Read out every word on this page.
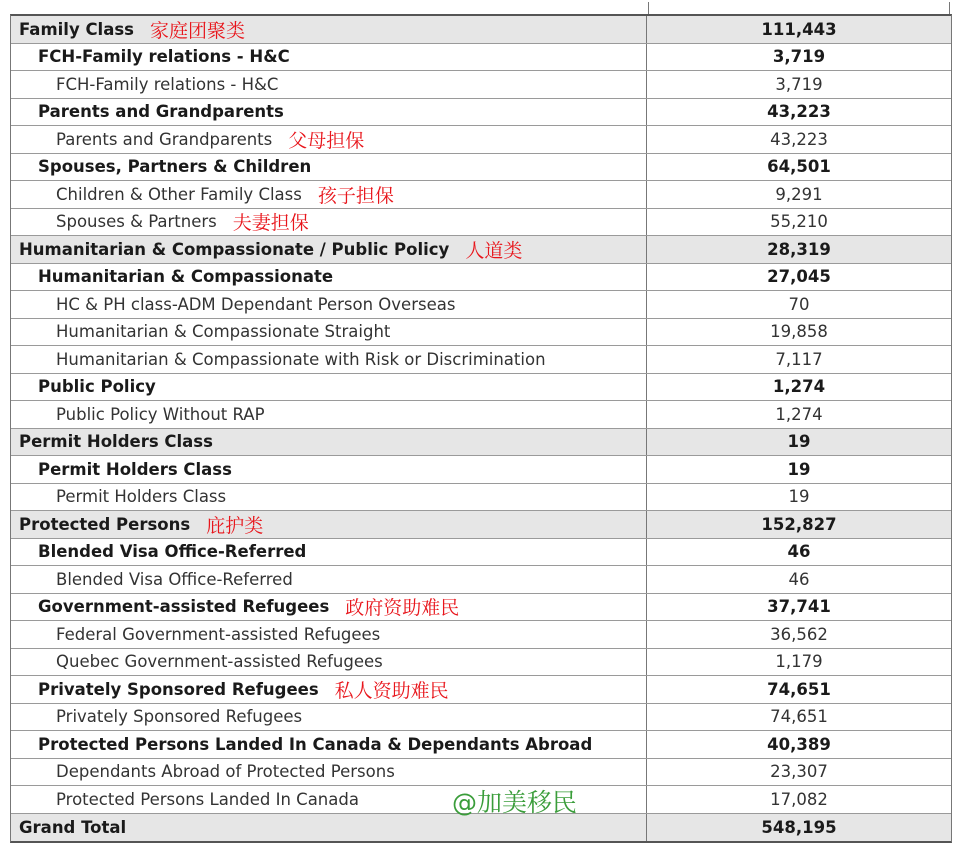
Family Class 家庭团聚类	111,443
FCH-Family relations - H&C	3,719
FCH-Family relations - H&C	3,719
Parents and Grandparents	43,223
Parents and Grandparents 父母担保	43,223
Spouses, Partners & Children	64,501
Children & Other Family Class 孩子担保	9,291
Spouses & Partners 夫妻担保	55,210
Humanitarian & Compassionate / Public Policy 人道类	28,319
Humanitarian & Compassionate	27,045
HC & PH class-ADM Dependant Person Overseas	70
Humanitarian & Compassionate Straight	19,858
Humanitarian & Compassionate with Risk or Discrimination	7,117
Public Policy	1,274
Public Policy Without RAP	1,274
Permit Holders Class	19
Permit Holders Class	19
Permit Holders Class	19
Protected Persons 庇护类	152,827
Blended Visa Office-Referred	46
Blended Visa Office-Referred	46
Government-assisted Refugees 政府资助难民	37,741
Federal Government-assisted Refugees	36,562
Quebec Government-assisted Refugees	1,179
Privately Sponsored Refugees 私人资助难民	74,651
Privately Sponsored Refugees	74,651
Protected Persons Landed In Canada & Dependants Abroad	40,389
Dependants Abroad of Protected Persons	23,307
Protected Persons Landed In Canada	17,082
Grand Total	548,195
@加美移民
